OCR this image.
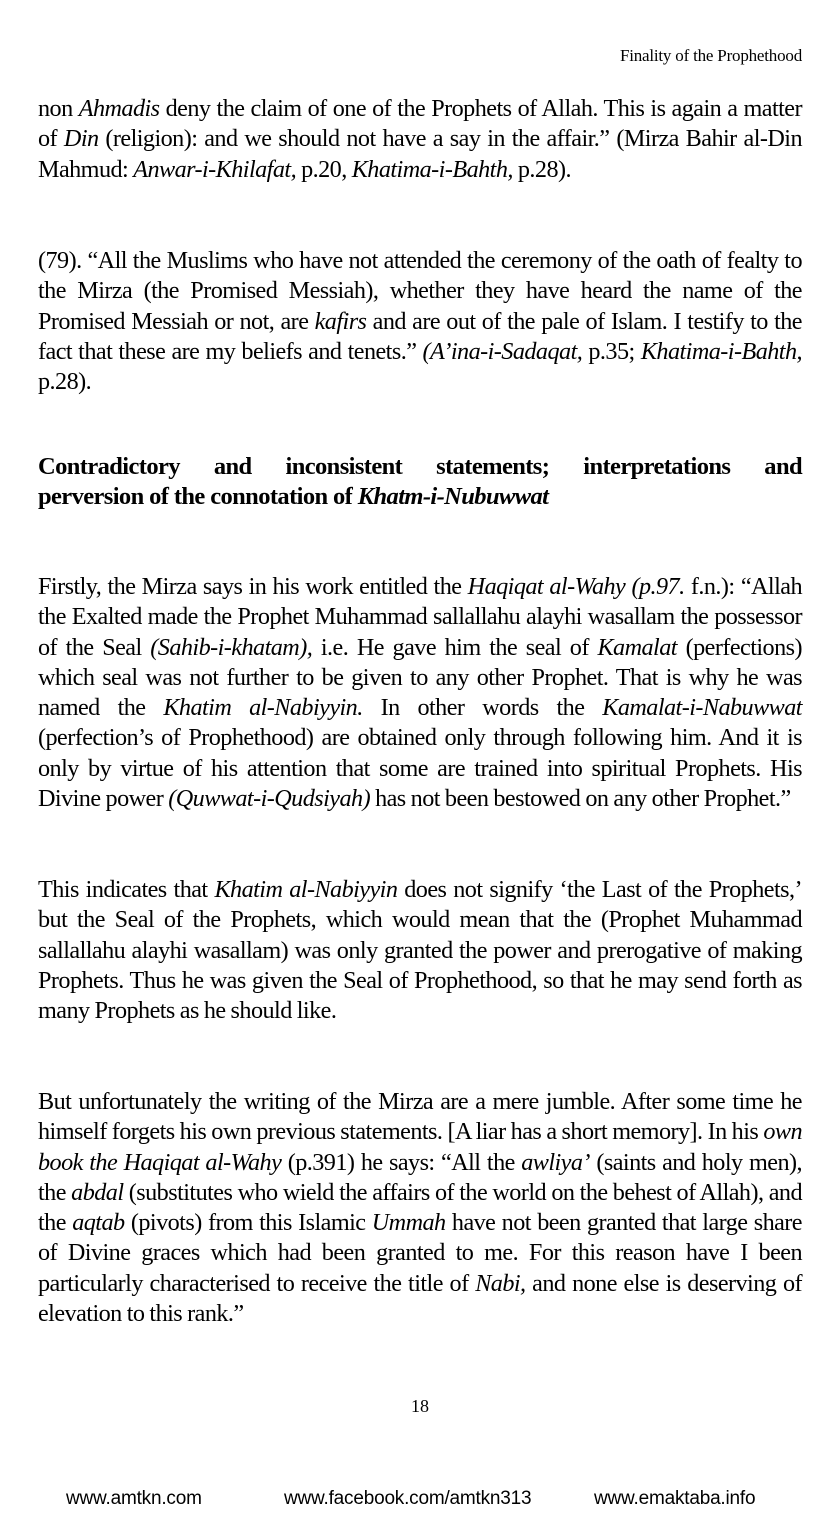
Finality of the Prophethood

non Ahmadis deny the claim of one of the Prophets of Allah. This is again a matter of Din (religion): and we should not have a say in the affair.” (Mirza Bahir al-Din Mahmud: Anwar-i-Khilafat, p.20, Khatima-i-Bahth, p.28).

(79). “All the Muslims who have not attended the ceremony of the oath of fealty to the Mirza (the Promised Messiah), whether they have heard the name of the Promised Messiah or not, are kafirs and are out of the pale of Islam. I testify to the fact that these are my beliefs and tenets.” (A’ina-i-Sadaqat, p.35; Khatima-i-Bahth, p.28).

Contradictory and inconsistent statements; interpretations and
perversion of the connotation of Khatm-i-Nubuwwat

Firstly, the Mirza says in his work entitled the Haqiqat al-Wahy (p.97. f.n.): “Allah the Exalted made the Prophet Muhammad sallallahu alayhi wasallam the possessor of the Seal (Sahib-i-khatam), i.e. He gave him the seal of Kamalat (perfections) which seal was not further to be given to any other Prophet. That is why he was named the Khatim al-Nabiyyin. In other words the Kamalat-i-Nabuwwat (perfection’s of Prophethood) are obtained only through following him. And it is only by virtue of his attention that some are trained into spiritual Prophets. His Divine power (Quwwat-i-Qudsiyah) has not been bestowed on any other Prophet.”

This indicates that Khatim al-Nabiyyin does not signify ‘the Last of the Prophets,’ but the Seal of the Prophets, which would mean that the (Prophet Muhammad sallallahu alayhi wasallam) was only granted the power and prerogative of making Prophets. Thus he was given the Seal of Prophethood, so that he may send forth as many Prophets as he should like.

But unfortunately the writing of the Mirza are a mere jumble. After some time he himself forgets his own previous statements. [A liar has a short memory]. In his own book the Haqiqat al-Wahy (p.391) he says: “All the awliya’ (saints and holy men), the abdal (substitutes who wield the affairs of the world on the behest of Allah), and the aqtab (pivots) from this Islamic Ummah have not been granted that large share of Divine graces which had been granted to me. For this reason have I been particularly characterised to receive the title of Nabi, and none else is deserving of elevation to this rank.”

18
www.amtkn.com	www.facebook.com/amtkn313	www.emaktaba.info
